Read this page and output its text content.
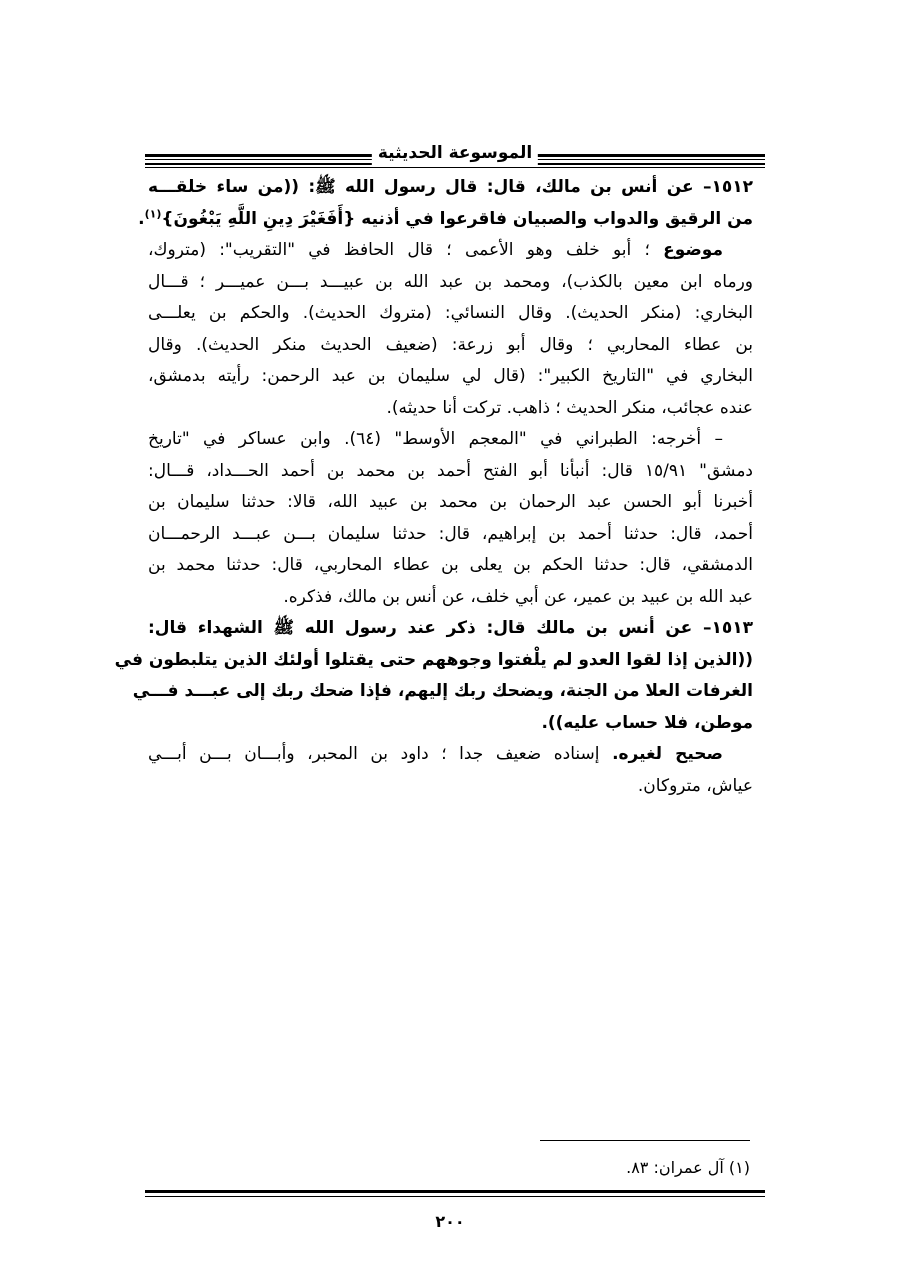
الموسوعة الحديثية
١٥١٢– عن أنس بن مالك، قال: قال رسول الله ﷺ: ((من ساء خلقـــه
من الرقيق والدواب والصبيان فاقرعوا في أذنيه {أَفَغَيْرَ دِينِ اللَّهِ يَبْغُونَ}$^{(١)}$.
موضوع ؛ أبو خلف وهو الأعمى ؛ قال الحافظ في "التقريب": (متروك،
ورماه ابن معين بالكذب)، ومحمد بن عبد الله بن عبيـــد بـــن عميـــر ؛ قـــال
البخاري: (منكر الحديث). وقال النسائي: (متروك الحديث). والحكم بن يعلـــى
بن عطاء المحاربي ؛ وقال أبو زرعة: (ضعيف الحديث منكر الحديث). وقال
البخاري في "التاريخ الكبير": (قال لي سليمان بن عبد الرحمن: رأيته بدمشق،
عنده عجائب، منكر الحديث ؛ ذاهب. تركت أنا حديثه).
– أخرجه: الطبراني في "المعجم الأوسط" (٦٤). وابن عساكر في "تاريخ
دمشق" ١٥/٩١ قال: أنبأنا أبو الفتح أحمد بن محمد بن أحمد الحـــداد، قـــال:
أخبرنا أبو الحسن عبد الرحمان بن محمد بن عبيد الله، قالا: حدثنا سليمان بن
أحمد، قال: حدثنا أحمد بن إبراهيم، قال: حدثنا سليمان بـــن عبـــد الرحمـــان
الدمشقي، قال: حدثنا الحكم بن يعلى بن عطاء المحاربي، قال: حدثنا محمد بن
عبد الله بن عبيد بن عمير، عن أبي خلف، عن أنس بن مالك، فذكره.
١٥١٣– عن أنس بن مالك قال: ذكر عند رسول الله ﷺ الشهداء قال:
((الذين إذا لقوا العدو لم يلْفتوا وجوههم حتى يقتلوا أولئك الذين يتلبطون في
الغرفات العلا من الجنة، ويضحك ربك إليهم، فإذا ضحك ربك إلى عبـــد فـــي
موطن، فلا حساب عليه)).
صحيح لغيره. إسناده ضعيف جدا ؛ داود بن المحبر، وأبـــان بـــن أبـــي
عياش، متروكان.
(١) آل عمران: ٨٣.
٢٠٠
